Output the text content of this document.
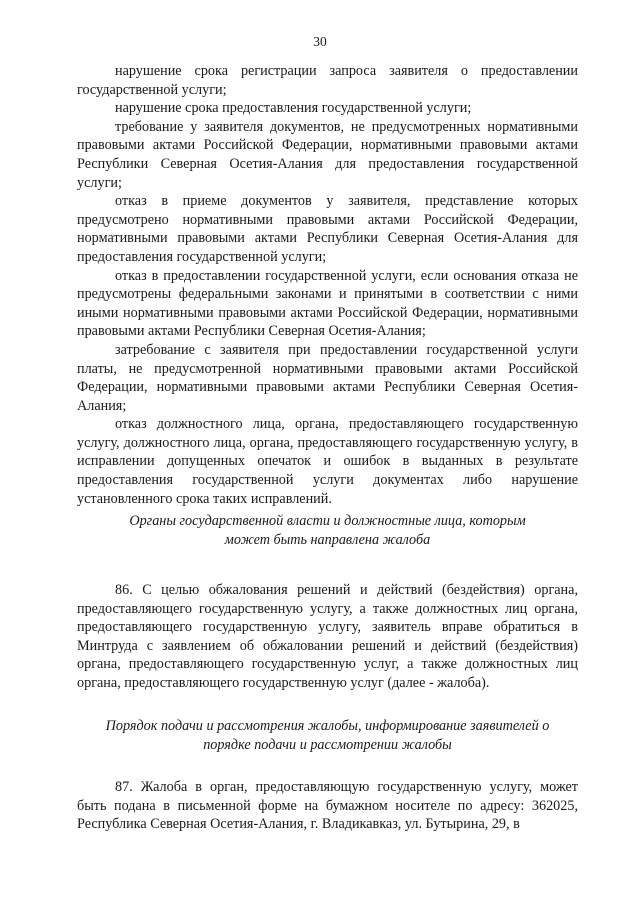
30

нарушение срока регистрации запроса заявителя о предоставлении государственной услуги;

нарушение срока предоставления государственной услуги;

требование у заявителя документов, не предусмотренных нормативными правовыми актами Российской Федерации, нормативными правовыми актами Республики Северная Осетия-Алания для предоставления государственной услуги;

отказ в приеме документов у заявителя, представление которых предусмотрено нормативными правовыми актами Российской Федерации, нормативными правовыми актами Республики Северная Осетия-Алания для предоставления государственной услуги;

отказ в предоставлении государственной услуги, если основания отказа не предусмотрены федеральными законами и принятыми в соответствии с ними иными нормативными правовыми актами Российской Федерации, нормативными правовыми актами Республики Северная Осетия-Алания;

затребование с заявителя при предоставлении государственной услуги платы, не предусмотренной нормативными правовыми актами Российской Федерации, нормативными правовыми актами Республики Северная Осетия-Алания;

отказ должностного лица, органа, предоставляющего государственную услугу, должностного лица, органа, предоставляющего государственную услугу, в исправлении допущенных опечаток и ошибок в выданных в результате предоставления государственной услуги документах либо нарушение установленного срока таких исправлений.

Органы государственной власти и должностные лица, которым
может быть направлена жалоба

86. С целью обжалования решений и действий (бездействия) органа, предоставляющего государственную услугу, а также должностных лиц органа, предоставляющего государственную услугу, заявитель вправе обратиться в Минтруда с заявлением об обжаловании решений и действий (бездействия) органа, предоставляющего государственную услуг, а также должностных лиц органа, предоставляющего государственную услуг (далее - жалоба).

Порядок подачи и рассмотрения жалобы, информирование заявителей о
порядке подачи и рассмотрении жалобы

87. Жалоба в орган, предоставляющую государственную услугу, может быть подана в письменной форме на бумажном носителе по адресу: 362025, Республика Северная Осетия-Алания, г. Владикавказ, ул. Бутырина, 29, в
